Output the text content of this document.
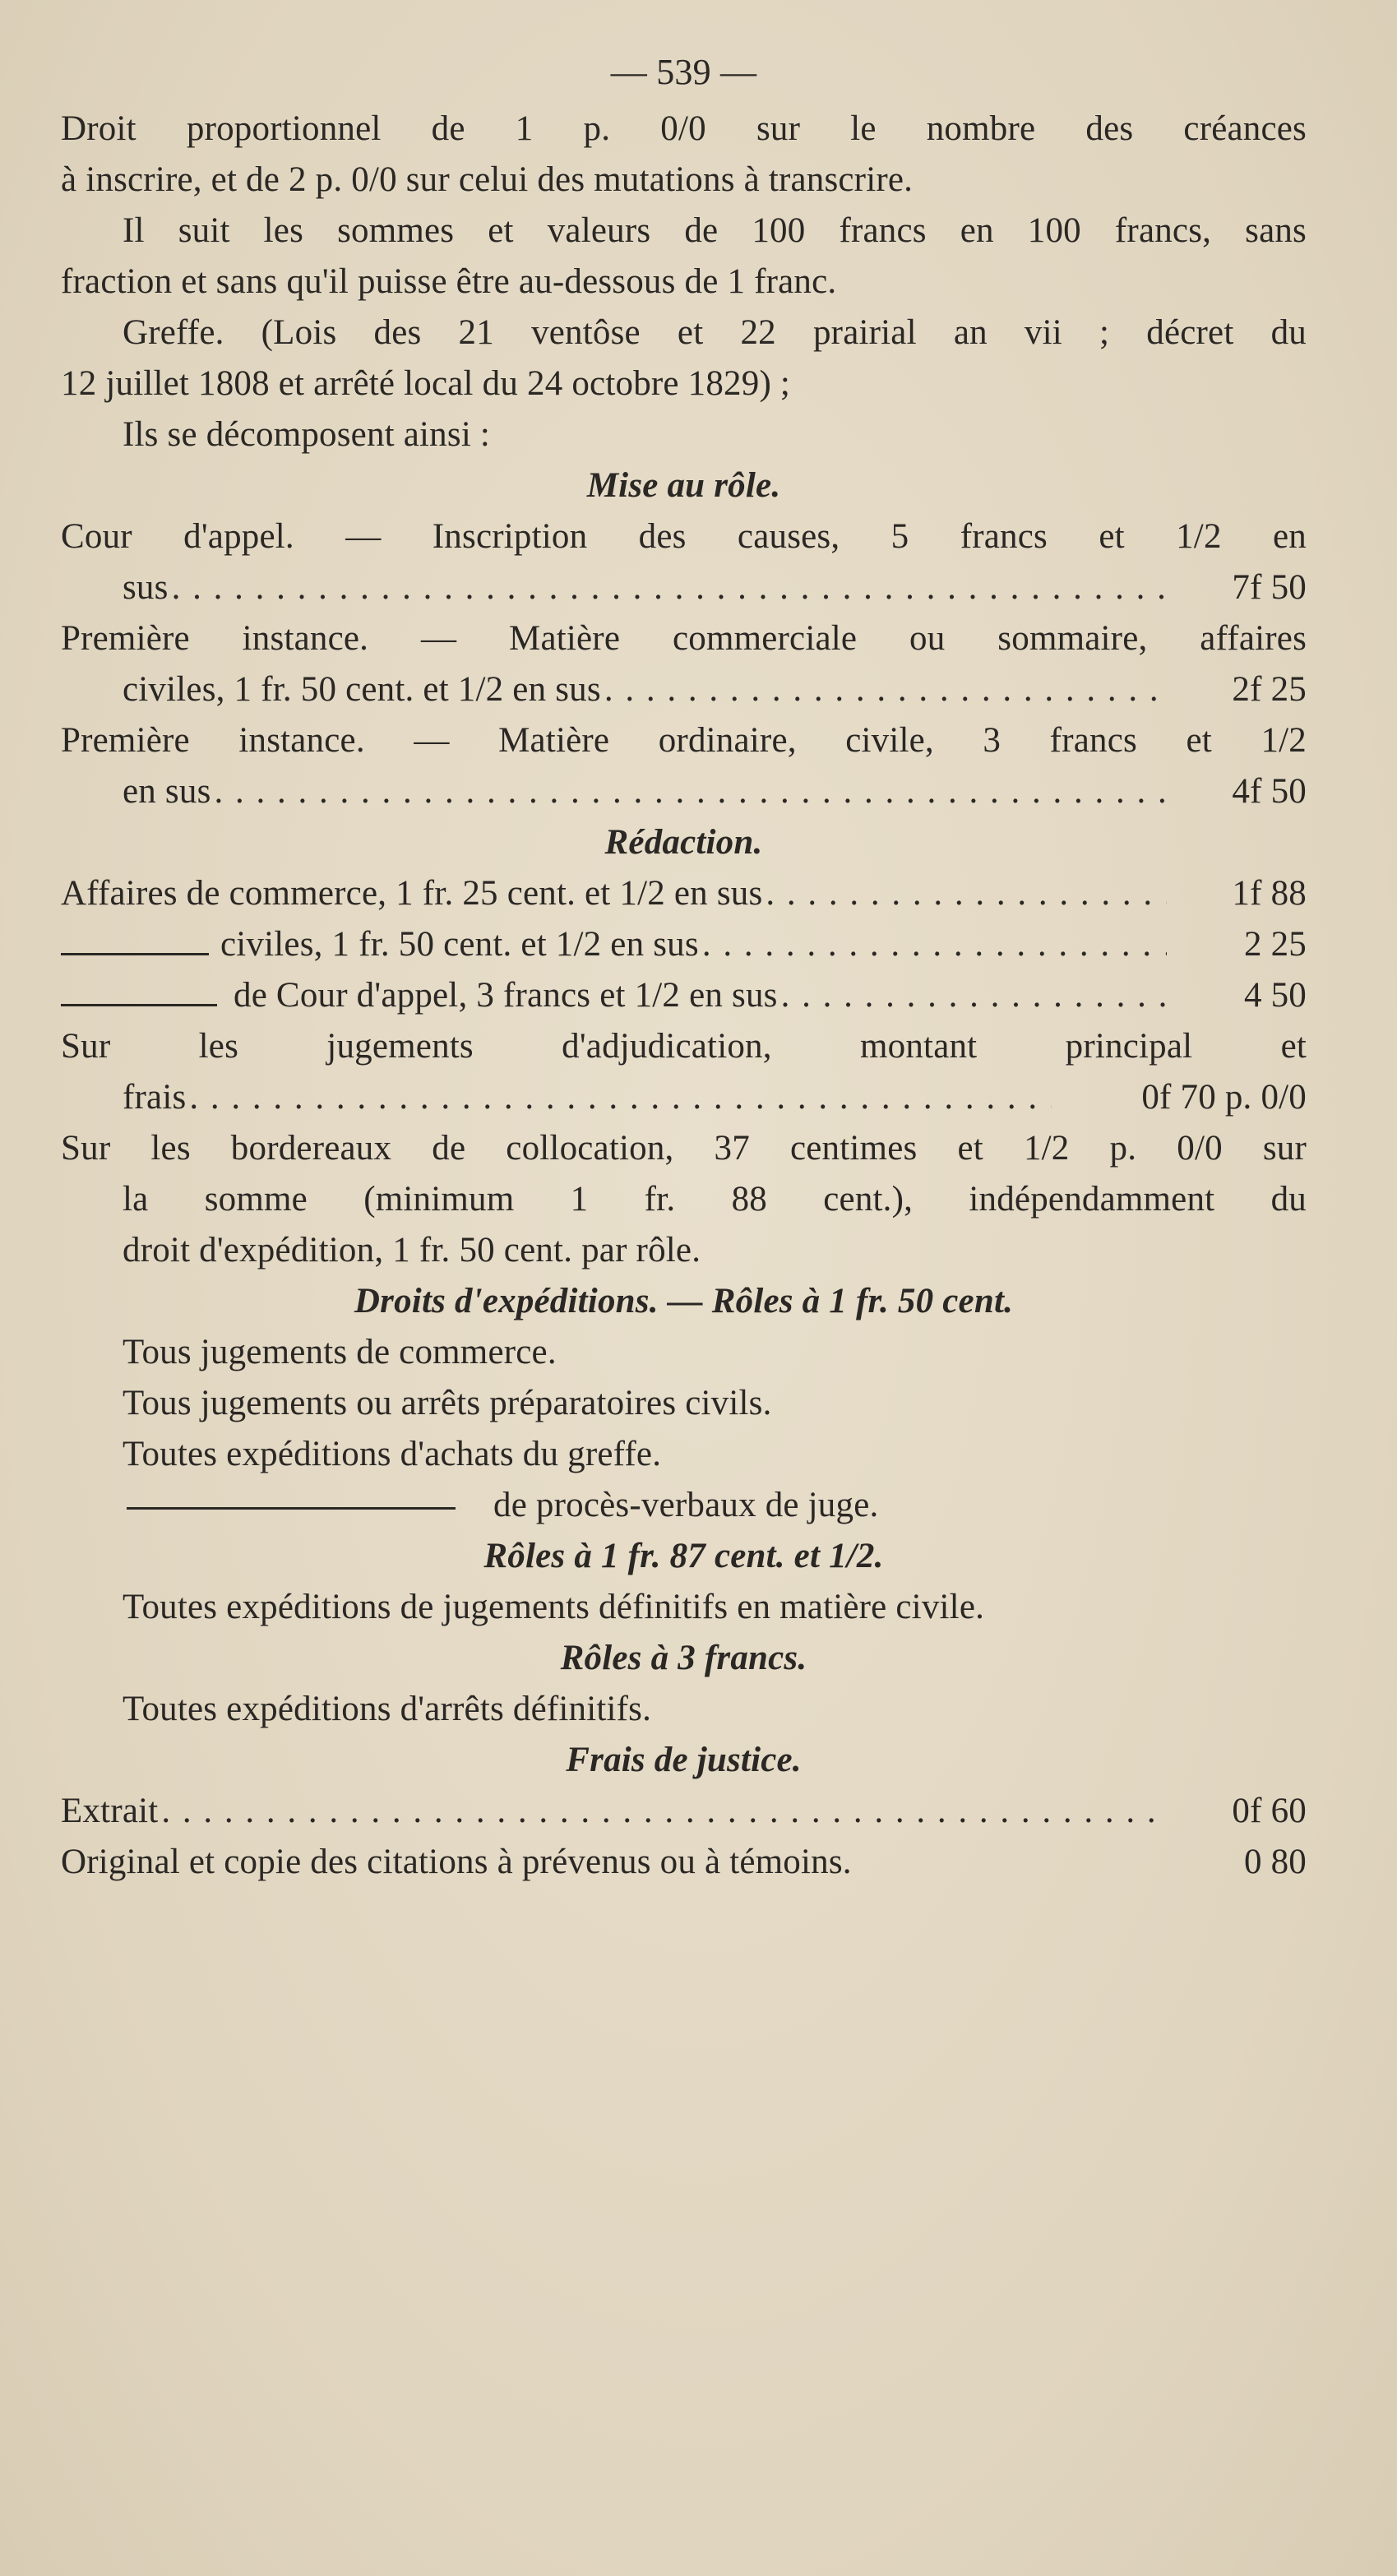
— 539 —
Droit proportionnel de 1 p. 0/0 sur le nombre des créances
à inscrire, et de 2 p. 0/0 sur celui des mutations à transcrire.
Il suit les sommes et valeurs de 100 francs en 100 francs, sans
fraction et sans qu'il puisse être au-dessous de 1 franc.
Greffe. (Lois des 21 ventôse et 22 prairial an vii ; décret du
12 juillet 1808 et arrêté local du 24 octobre 1829) ;
Ils se décomposent ainsi :
Mise au rôle.
Cour d'appel. — Inscription des causes, 5 francs et 1/2 en
sus . . .	7f 50
Première instance. — Matière commerciale ou sommaire, affaires
civiles, 1 fr. 50 cent. et 1/2 en sus . . .	2f 25
Première instance. — Matière ordinaire, civile, 3 francs et 1/2
en sus . . .	4f 50
Rédaction.
Affaires de commerce, 1 fr. 25 cent. et 1/2 en sus . . .	1f 88
civiles, 1 fr. 50 cent. et 1/2 en sus . . .	2 25
de Cour d'appel, 3 francs et 1/2 en sus . . .	4 50
Sur les jugements d'adjudication, montant principal et
frais . . .	0f 70 p. 0/0
Sur les bordereaux de collocation, 37 centimes et 1/2 p. 0/0 sur
la somme (minimum 1 fr. 88 cent.), indépendamment du
droit d'expédition, 1 fr. 50 cent. par rôle.
Droits d'expéditions. — Rôles à 1 fr. 50 cent.
Tous jugements de commerce.
Tous jugements ou arrêts préparatoires civils.
Toutes expéditions d'achats du greffe.
de procès-verbaux de juge.
Rôles à 1 fr. 87 cent. et 1/2.
Toutes expéditions de jugements définitifs en matière civile.
Rôles à 3 francs.
Toutes expéditions d'arrêts définitifs.
Frais de justice.
Extrait . . .	0f 60
Original et copie des citations à prévenus ou à témoins.	0 80
